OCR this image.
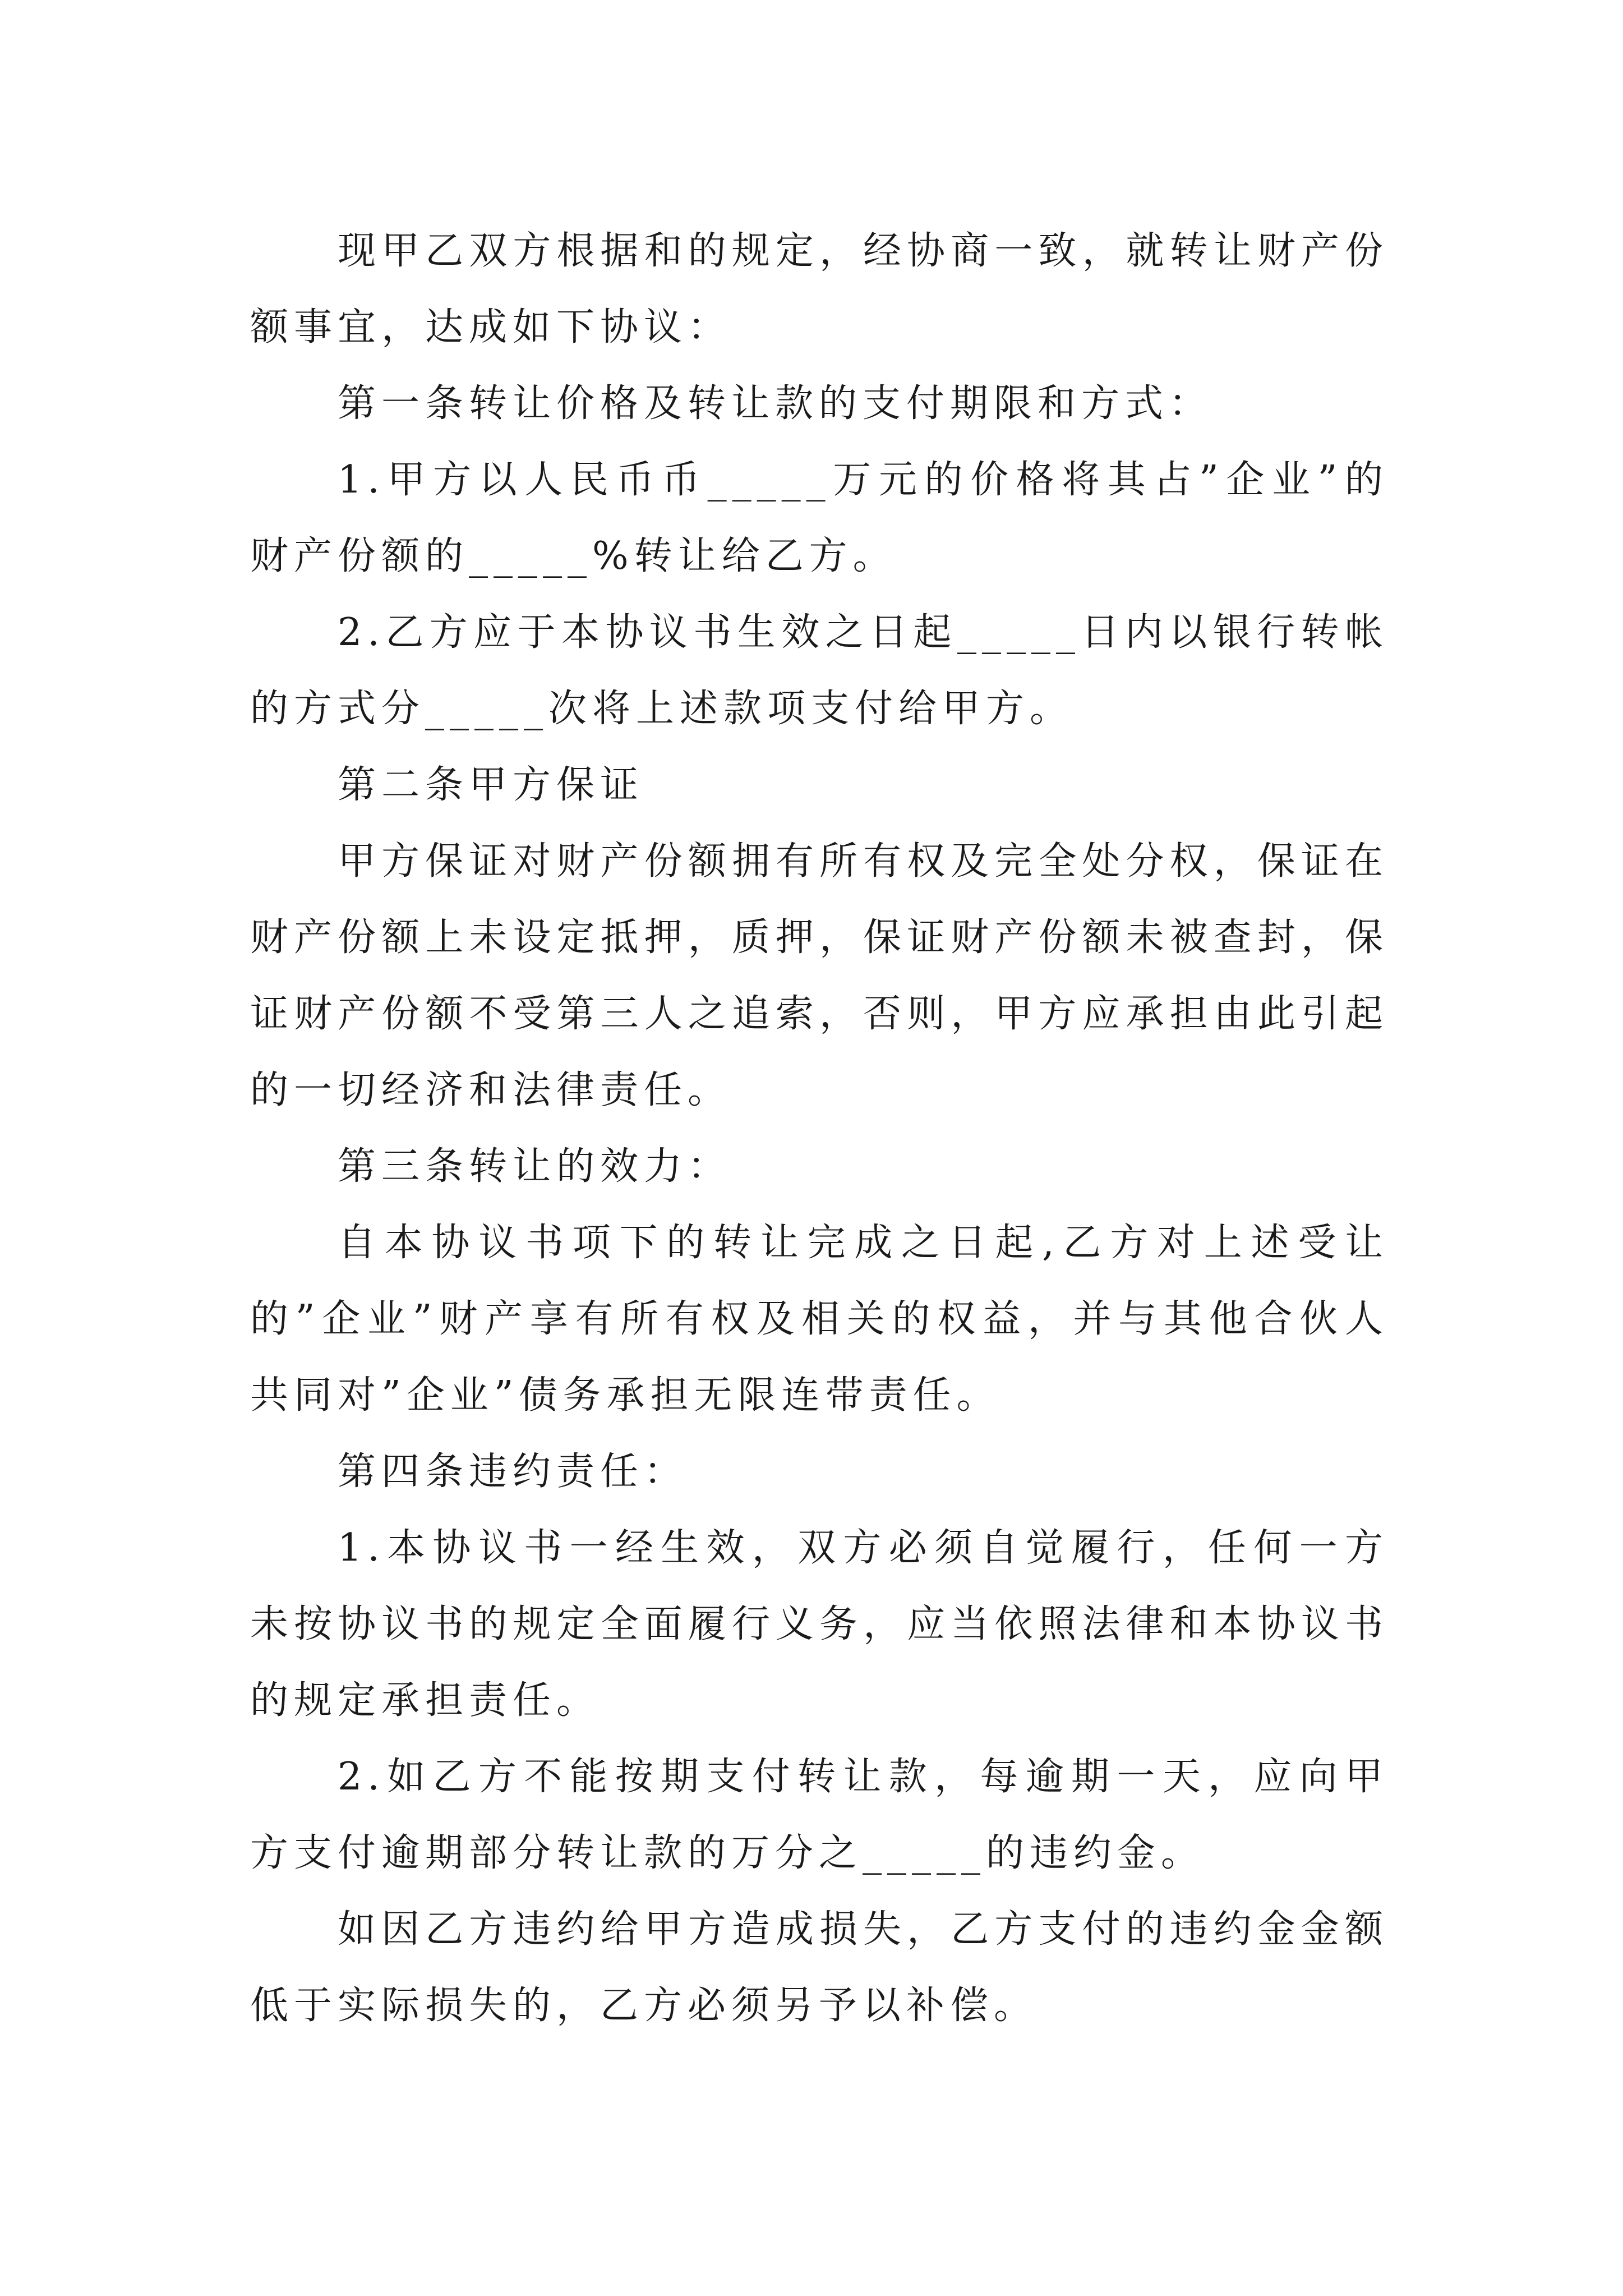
现甲乙双方根据和的规定，经协商一致，就转让财产份额事宜，达成如下协议：

第一条转让价格及转让款的支付期限和方式：

1.甲方以人民币币_____万元的价格将其占”企业”的财产份额的_____%转让给乙方。

2.乙方应于本协议书生效之日起_____日内以银行转帐的方式分_____次将上述款项支付给甲方。

第二条甲方保证

甲方保证对财产份额拥有所有权及完全处分权，保证在财产份额上未设定抵押，质押，保证财产份额未被查封，保证财产份额不受第三人之追索，否则，甲方应承担由此引起的一切经济和法律责任。

第三条转让的效力：

自本协议书项下的转让完成之日起,乙方对上述受让的”企业”财产享有所有权及相关的权益，并与其他合伙人共同对”企业”债务承担无限连带责任。

第四条违约责任：

1.本协议书一经生效，双方必须自觉履行，任何一方未按协议书的规定全面履行义务，应当依照法律和本协议书的规定承担责任。

2.如乙方不能按期支付转让款，每逾期一天，应向甲方支付逾期部分转让款的万分之_____的违约金。

如因乙方违约给甲方造成损失，乙方支付的违约金金额低于实际损失的，乙方必须另予以补偿。
